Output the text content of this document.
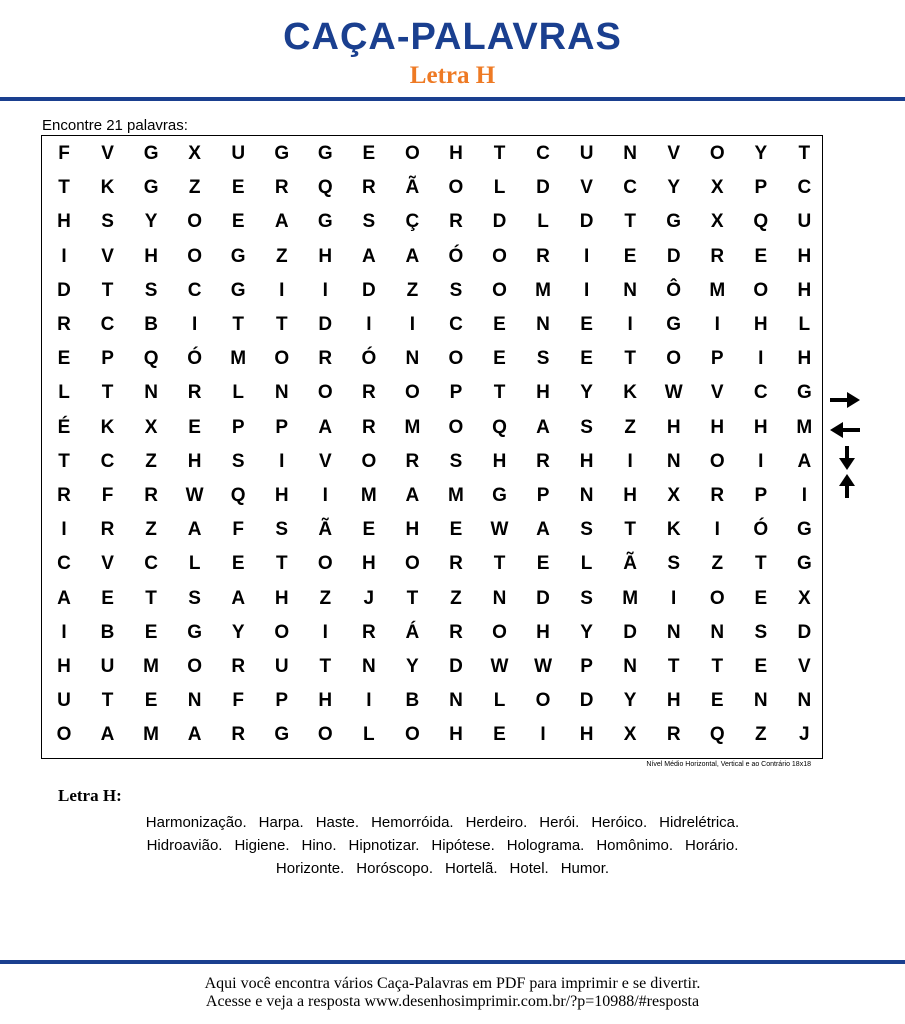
CAÇA-PALAVRAS
Letra H
Encontre 21 palavras:
F	V	G	X	U	G	G	E	O	H	T	C	U	N	V	O	Y	T
T	K	G	Z	E	R	Q	R	Ã	O	L	D	V	C	Y	X	P	C
H	S	Y	O	E	A	G	S	Ç	R	D	L	D	T	G	X	Q	U
I	V	H	O	G	Z	H	A	A	Ó	O	R	I	E	D	R	E	H
D	T	S	C	G	I	I	D	Z	S	O	M	I	N	Ô	M	O	H
R	C	B	I	T	T	D	I	I	C	E	N	E	I	G	I	H	L
E	P	Q	Ó	M	O	R	Ó	N	O	E	S	E	T	O	P	I	H
L	T	N	R	L	N	O	R	O	P	T	H	Y	K	W	V	C	G
É	K	X	E	P	P	A	R	M	O	Q	A	S	Z	H	H	H	M
T	C	Z	H	S	I	V	O	R	S	H	R	H	I	N	O	I	A
R	F	R	W	Q	H	I	M	A	M	G	P	N	H	X	R	P	I
I	R	Z	A	F	S	Ã	E	H	E	W	A	S	T	K	I	Ó	G
C	V	C	L	E	T	O	H	O	R	T	E	L	Ã	S	Z	T	G
A	E	T	S	A	H	Z	J	T	Z	N	D	S	M	I	O	E	X
I	B	E	G	Y	O	I	R	Á	R	O	H	Y	D	N	N	S	D
H	U	M	O	R	U	T	N	Y	D	W	W	P	N	T	T	E	V
U	T	E	N	F	P	H	I	B	N	L	O	D	Y	H	E	N	N
O	A	M	A	R	G	O	L	O	H	E	I	H	X	R	Q	Z	J
Nível Médio Horizontal, Vertical e ao Contrário 18x18
Letra H:
Harmonização. Harpa. Haste. Hemorróida. Herdeiro. Herói. Heróico. Hidrelétrica.
Hidroavião. Higiene. Hino. Hipnotizar. Hipótese. Holograma. Homônimo. Horário.
Horizonte. Horóscopo. Hortelã. Hotel. Humor.
Aqui você encontra vários Caça-Palavras em PDF para imprimir e se divertir.
Acesse e veja a resposta www.desenhosimprimir.com.br/?p=10988/#resposta
